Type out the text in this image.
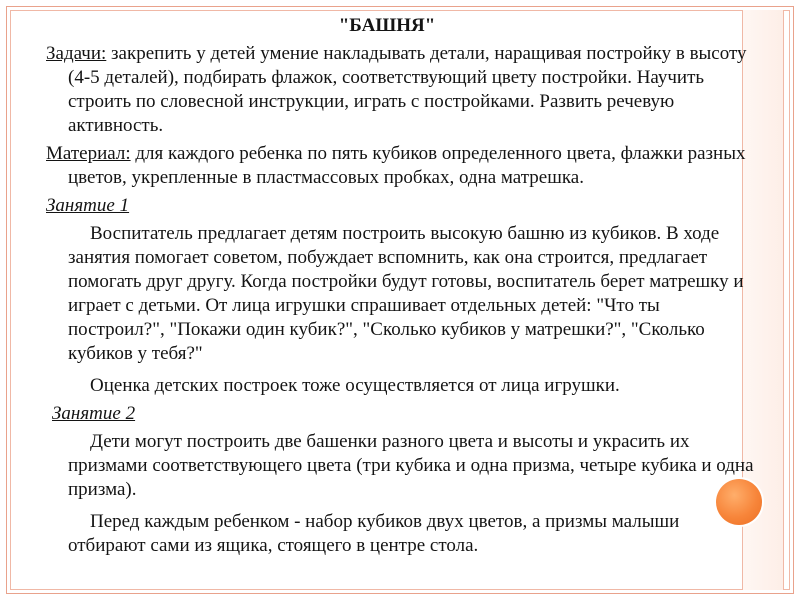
"БАШНЯ"
Задачи: закрепить у детей умение накладывать детали, наращивая постройку в высоту (4-5 деталей), подбирать флажок, соответствующий цвету постройки. Научить строить по словесной инструкции, играть с постройками. Развить речевую активность.
Материал: для каждого ребенка по пять кубиков определенного цвета, флажки разных цветов, укрепленные в пластмассовых пробках, одна матрешка.
Занятие 1
Воспитатель предлагает детям построить высокую башню из кубиков. В ходе занятия помогает советом, побуждает вспомнить, как она строится, предлагает помогать друг другу. Когда постройки будут готовы, воспитатель берет матрешку и играет с детьми. От лица игрушки спрашивает отдельных детей: "Что ты построил?", "Покажи один кубик?", "Сколько кубиков у матрешки?", "Сколько кубиков у тебя?"
Оценка детских построек тоже осуществляется от лица игрушки.
Занятие 2
Дети могут построить две башенки разного цвета и высоты и украсить их призмами соответствующего цвета (три кубика и одна призма, четыре кубика и одна призма).
Перед каждым ребенком - набор кубиков двух цветов, а призмы малыши отбирают сами из ящика, стоящего в центре стола.
